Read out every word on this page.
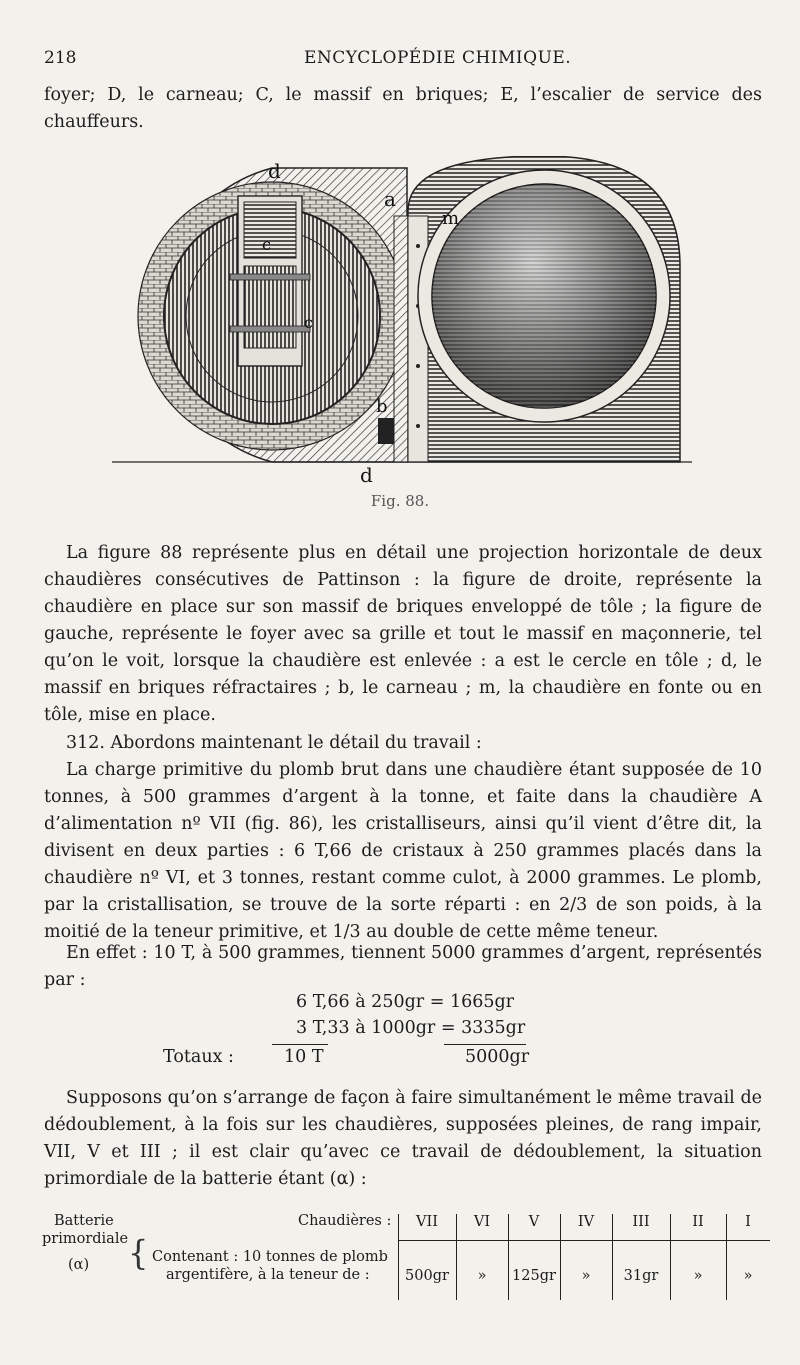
218	ENCYCLOPÉDIE CHIMIQUE.

foyer; D, le carneau; C, le massif en briques; E, l’escalier de service des chauffeurs.

d
a
c
c
b
m
d
Fig. 88.

La figure 88 représente plus en détail une projection horizontale de deux chaudières consécutives de Pattinson : la figure de droite, représente la chaudière en place sur son massif de briques enveloppé de tôle ; la figure de gauche, représente le foyer avec sa grille et tout le massif en maçonnerie, tel qu’on le voit, lorsque la chaudière est enlevée : a est le cercle en tôle ; d, le massif en briques réfractaires ; b, le carneau ; m, la chaudière en fonte ou en tôle, mise en place.

312. Abordons maintenant le détail du travail :

La charge primitive du plomb brut dans une chaudière étant supposée de 10 tonnes, à 500 grammes d’argent à la tonne, et faite dans la chaudière A d’alimentation nº VII (fig. 86), les cristalliseurs, ainsi qu’il vient d’être dit, la divisent en deux parties : 6 T,66 de cristaux à 250 grammes placés dans la chaudière nº VI, et 3 tonnes, restant comme culot, à 2000 grammes. Le plomb, par la cristallisation, se trouve de la sorte réparti : en 2/3 de son poids, à la moitié de la teneur primitive, et 1/3 au double de cette même teneur.

En effet : 10 T, à 500 grammes, tiennent 5000 grammes d’argent, représentés par :

6 T,66 à 250gr = 1665gr
3 T,33 à 1000gr = 3335gr
Totaux :	10 T	5000gr

Supposons qu’on s’arrange de façon à faire simultanément le même travail de dédoublement, à la fois sur les chaudières, supposées pleines, de rang impair, VII, V et III ; il est clair qu’avec ce travail de dédoublement, la situation primordiale de la batterie étant (α) :

Batterie
primordiale
(α) {
Chaudières :
Contenant : 10 tonnes de plomb
argentifère, à la teneur de :
VII	VI	V	IV	III	II	I
500gr	»	125gr	»	31gr	»	»
